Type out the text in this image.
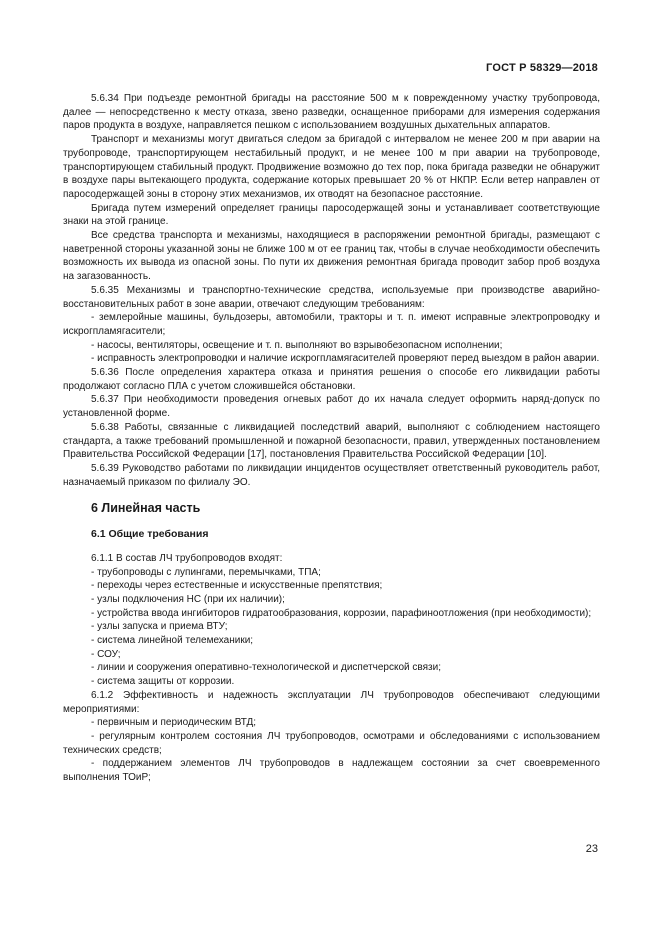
ГОСТ Р 58329—2018

5.6.34 При подъезде ремонтной бригады на расстояние 500 м к поврежденному участку трубопровода, далее — непосредственно к месту отказа, звено разведки, оснащенное приборами для измерения содержания паров продукта в воздухе, направляется пешком с использованием воздушных дыхательных аппаратов.

Транспорт и механизмы могут двигаться следом за бригадой с интервалом не менее 200 м при аварии на трубопроводе, транспортирующем нестабильный продукт, и не менее 100 м при аварии на трубопроводе, транспортирующем стабильный продукт. Продвижение возможно до тех пор, пока бригада разведки не обнаружит в воздухе пары вытекающего продукта, содержание которых превышает 20 % от НКПР. Если ветер направлен от паросодержащей зоны в сторону этих механизмов, их отводят на безопасное расстояние.

Бригада путем измерений определяет границы паросодержащей зоны и устанавливает соответствующие знаки на этой границе.

Все средства транспорта и механизмы, находящиеся в распоряжении ремонтной бригады, размещают с наветренной стороны указанной зоны не ближе 100 м от ее границ так, чтобы в случае необходимости обеспечить возможность их вывода из опасной зоны. По пути их движения ремонтная бригада проводит забор проб воздуха на загазованность.

5.6.35 Механизмы и транспортно-технические средства, используемые при производстве аварийно-восстановительных работ в зоне аварии, отвечают следующим требованиям:

- землеройные машины, бульдозеры, автомобили, тракторы и т. п. имеют исправные электропроводку и искрогпламягасители;

- насосы, вентиляторы, освещение и т. п. выполняют во взрывобезопасном исполнении;

- исправность электропроводки и наличие искрогпламягасителей проверяют перед выездом в район аварии.

5.6.36 После определения характера отказа и принятия решения о способе его ликвидации работы продолжают согласно ПЛА с учетом сложившейся обстановки.

5.6.37 При необходимости проведения огневых работ до их начала следует оформить наряд-допуск по установленной форме.

5.6.38 Работы, связанные с ликвидацией последствий аварий, выполняют с соблюдением настоящего стандарта, а также требований промышленной и пожарной безопасности, правил, утвержденных постановлением Правительства Российской Федерации [17], постановления Правительства Российской Федерации [10].

5.6.39 Руководство работами по ликвидации инцидентов осуществляет ответственный руководитель работ, назначаемый приказом по филиалу ЭО.

6 Линейная часть

6.1 Общие требования

6.1.1 В состав ЛЧ трубопроводов входят:

- трубопроводы с лупингами, перемычками, ТПА;

- переходы через естественные и искусственные препятствия;

- узлы подключения НС (при их наличии);

- устройства ввода ингибиторов гидратообразования, коррозии, парафиноотложения (при необходимости);

- узлы запуска и приема ВТУ;

- система линейной телемеханики;

- СОУ;

- линии и сооружения оперативно-технологической и диспетчерской связи;

- система защиты от коррозии.

6.1.2 Эффективность и надежность эксплуатации ЛЧ трубопроводов обеспечивают следующими мероприятиями:

- первичным и периодическим ВТД;

- регулярным контролем состояния ЛЧ трубопроводов, осмотрами и обследованиями с использованием технических средств;

- поддержанием элементов ЛЧ трубопроводов в надлежащем состоянии за счет своевременного выполнения ТОиР;

23
